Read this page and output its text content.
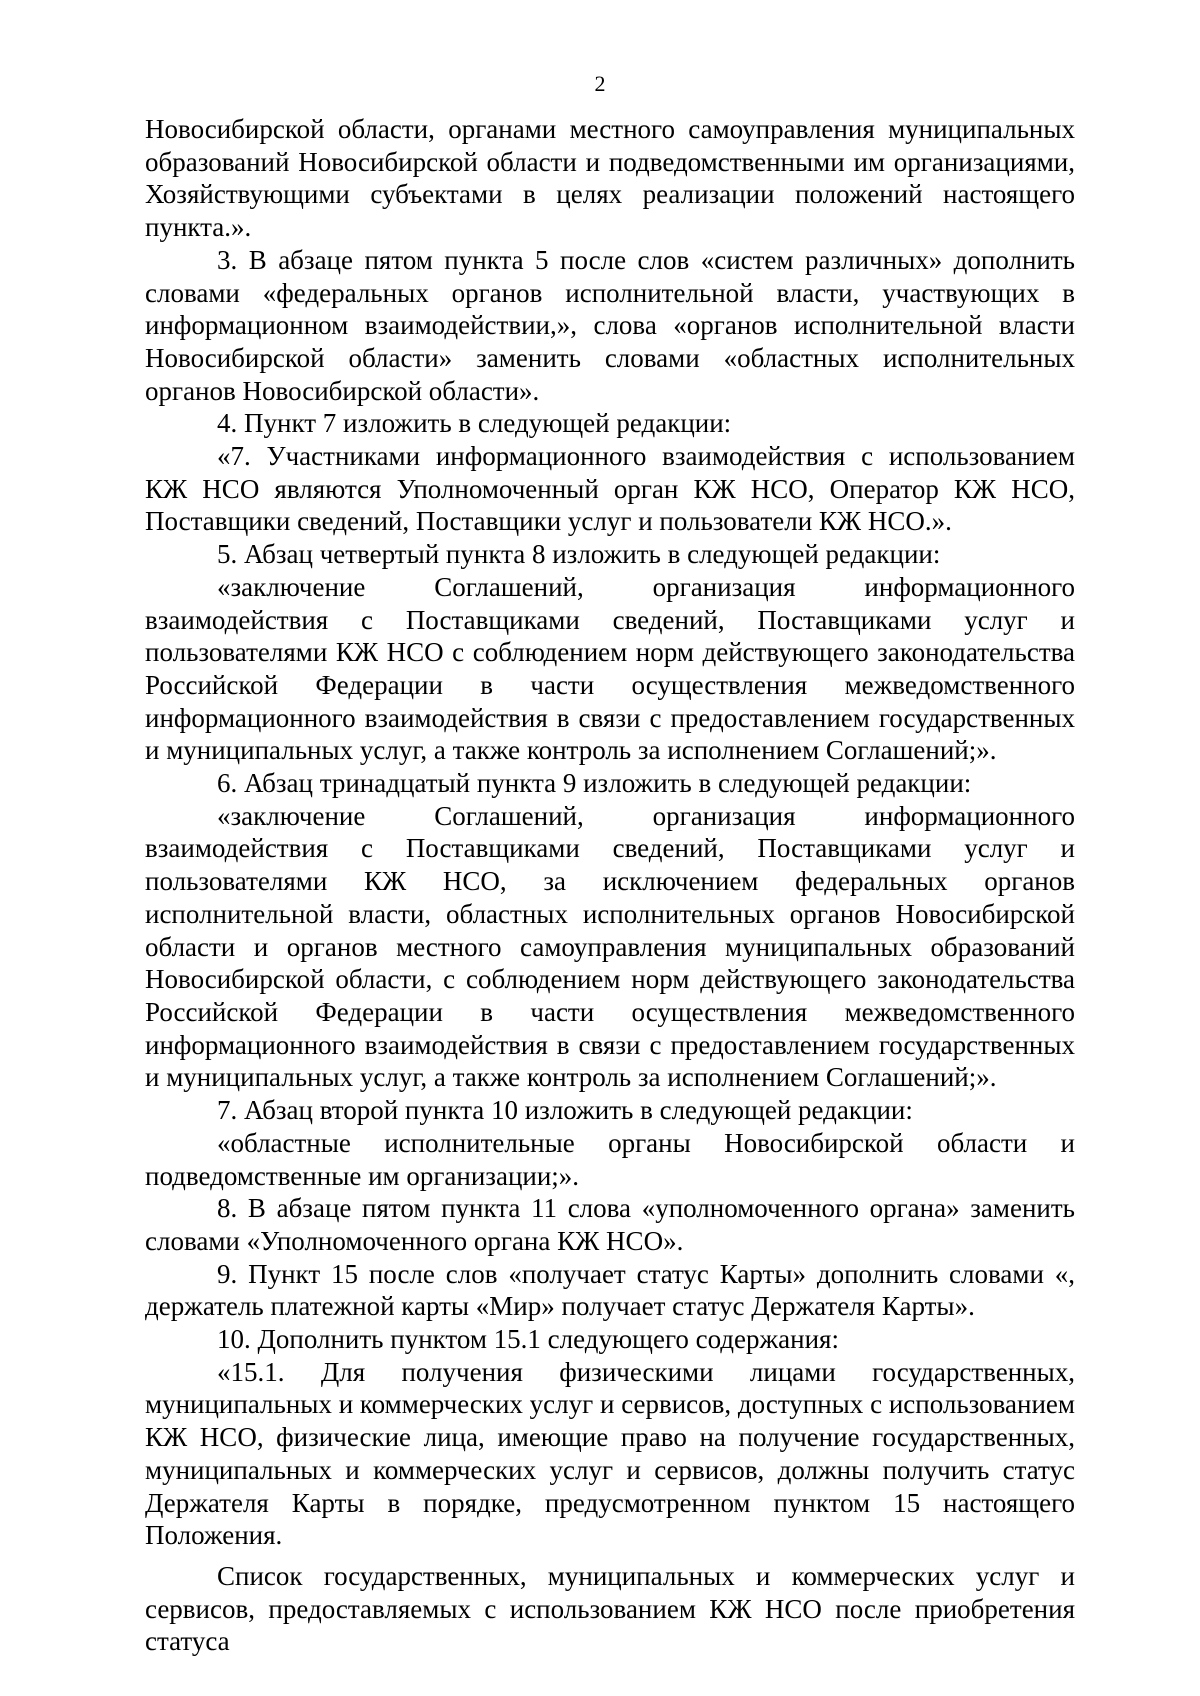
2

Новосибирской области, органами местного самоуправления муниципальных образований Новосибирской области и подведомственными им организациями, Хозяйствующими субъектами в целях реализации положений настоящего пункта.».

3. В абзаце пятом пункта 5 после слов «систем различных» дополнить словами «федеральных органов исполнительной власти, участвующих в информационном взаимодействии,», слова «органов исполнительной власти Новосибирской области» заменить словами «областных исполнительных органов Новосибирской области».

4. Пункт 7 изложить в следующей редакции:

«7. Участниками информационного взаимодействия с использованием КЖ НСО являются Уполномоченный орган КЖ НСО, Оператор КЖ НСО, Поставщики сведений, Поставщики услуг и пользователи КЖ НСО.».

5. Абзац четвертый пункта 8 изложить в следующей редакции:

«заключение Соглашений, организация информационного взаимодействия с Поставщиками сведений, Поставщиками услуг и пользователями КЖ НСО с соблюдением норм действующего законодательства Российской Федерации в части осуществления межведомственного информационного взаимодействия в связи с предоставлением государственных и муниципальных услуг, а также контроль за исполнением Соглашений;».

6. Абзац тринадцатый пункта 9 изложить в следующей редакции:

«заключение Соглашений, организация информационного взаимодействия с Поставщиками сведений, Поставщиками услуг и пользователями КЖ НСО, за исключением федеральных органов исполнительной власти, областных исполнительных органов Новосибирской области и органов местного самоуправления муниципальных образований Новосибирской области, с соблюдением норм действующего законодательства Российской Федерации в части осуществления межведомственного информационного взаимодействия в связи с предоставлением государственных и муниципальных услуг, а также контроль за исполнением Соглашений;».

7. Абзац второй пункта 10 изложить в следующей редакции:

«областные исполнительные органы Новосибирской области и подведомственные им организации;».

8. В абзаце пятом пункта 11 слова «уполномоченного органа» заменить словами «Уполномоченного органа КЖ НСО».

9. Пункт 15 после слов «получает статус Карты» дополнить словами «, держатель платежной карты «Мир» получает статус Держателя Карты».

10. Дополнить пунктом 15.1 следующего содержания:

«15.1. Для получения физическими лицами государственных, муниципальных и коммерческих услуг и сервисов, доступных с использованием КЖ НСО, физические лица, имеющие право на получение государственных, муниципальных и коммерческих услуг и сервисов, должны получить статус Держателя Карты в порядке, предусмотренном пунктом 15 настоящего Положения.

Список государственных, муниципальных и коммерческих услуг и сервисов, предоставляемых с использованием КЖ НСО после приобретения статуса
